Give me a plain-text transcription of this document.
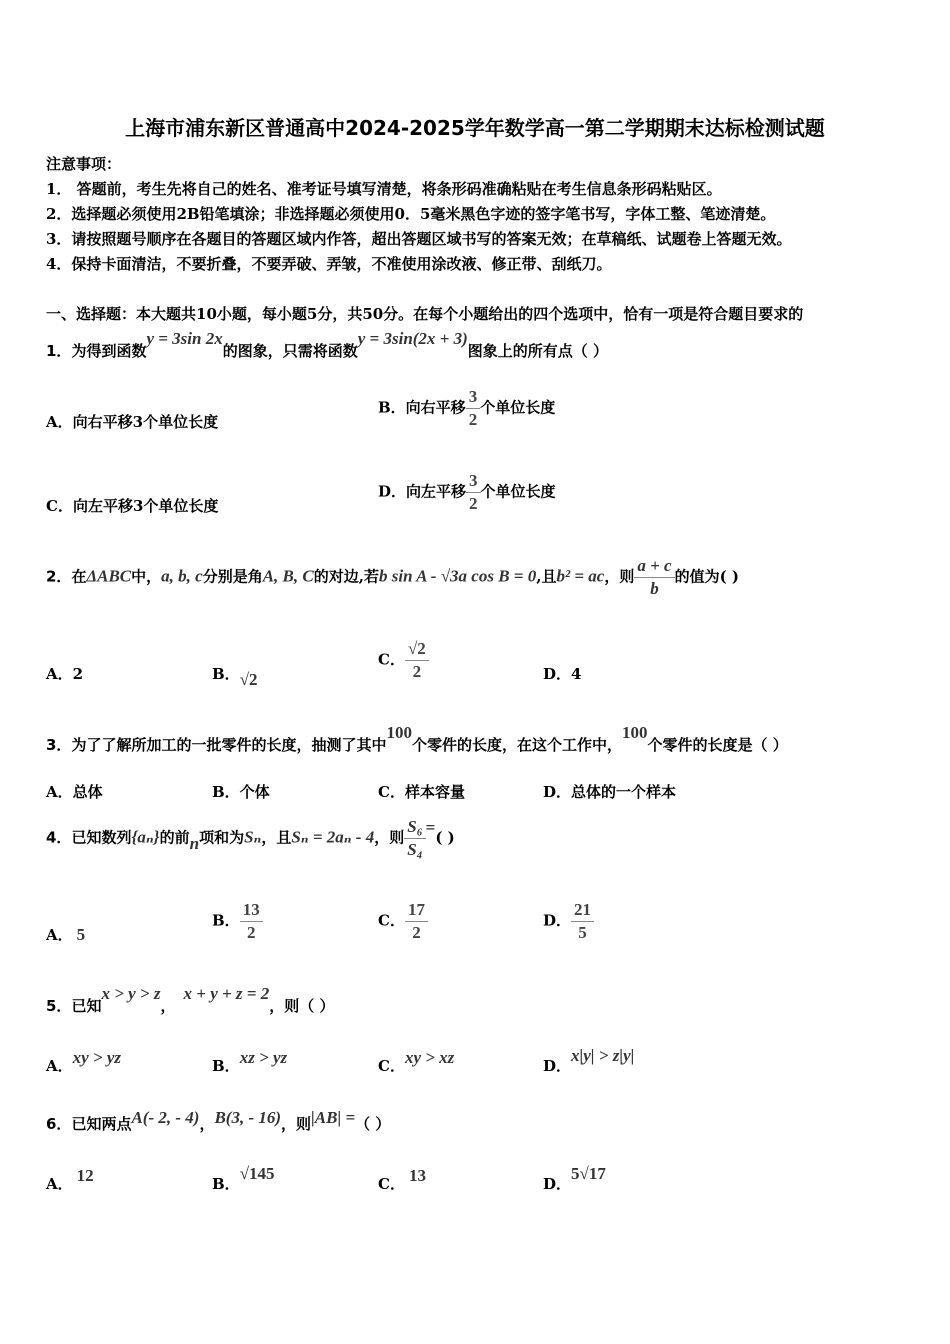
上海市浦东新区普通高中2024-2025学年数学高一第二学期期末达标检测试题
注意事项：
1． 答题前，考生先将自己的姓名、准考证号填写清楚，将条形码准确粘贴在考生信息条形码粘贴区。
2．选择题必须使用2B铅笔填涂；非选择题必须使用0．5毫米黑色字迹的签字笔书写，字体工整、笔迹清楚。
3．请按照题号顺序在各题目的答题区域内作答，超出答题区域书写的答案无效；在草稿纸、试题卷上答题无效。
4．保持卡面清洁，不要折叠，不要弄破、弄皱，不准使用涂改液、修正带、刮纸刀。
一、选择题：本大题共10小题，每小题5分，共50分。在每个小题给出的四个选项中，恰有一项是符合题目要求的
1．为得到函数y = 3sin 2x的图象，只需将函数y = 3sin(2x + 3)图象上的所有点（ ）
A．向右平移3个单位长度
B．向右平移 $\frac{3}{2}$ 个单位长度
C．向左平移3个单位长度
D．向左平移 $\frac{3}{2}$ 个单位长度
2．在ΔABC中，a, b, c分别是角A, B, C的对边,若b sin A - √3a cos B = 0,且b² = ac，则 $\frac{a + c}{b}$ 的值为( )
A．2	B．√2
C． $\frac{√2}{2}$	D．4
3．为了了解所加工的一批零件的长度，抽测了其中100个零件的长度，在这个工作中，100个零件的长度是（ ）
A．总体	B．个体	C．样本容量	D．总体的一个样本
4．已知数列{aₙ}的前n项和为Sₙ，且Sₙ = 2aₙ - 4，则 $\frac{\text{S₆}}{\text{S₄}}$ =( )
A． 5
B． $\frac{13}{2}$	C． $\frac{17}{2}$	D． $\frac{21}{5}$
5．已知x > y > z，x + y + z = 2，则（ ）
A．xy > yz	B．xz > yz	C．xy > xz	D．x|y| > z|y|
6．已知两点A(- 2, - 4)，B(3, - 16)，则|AB| =（ ）
A． 12	B．√145
C． 13	D．5√17
